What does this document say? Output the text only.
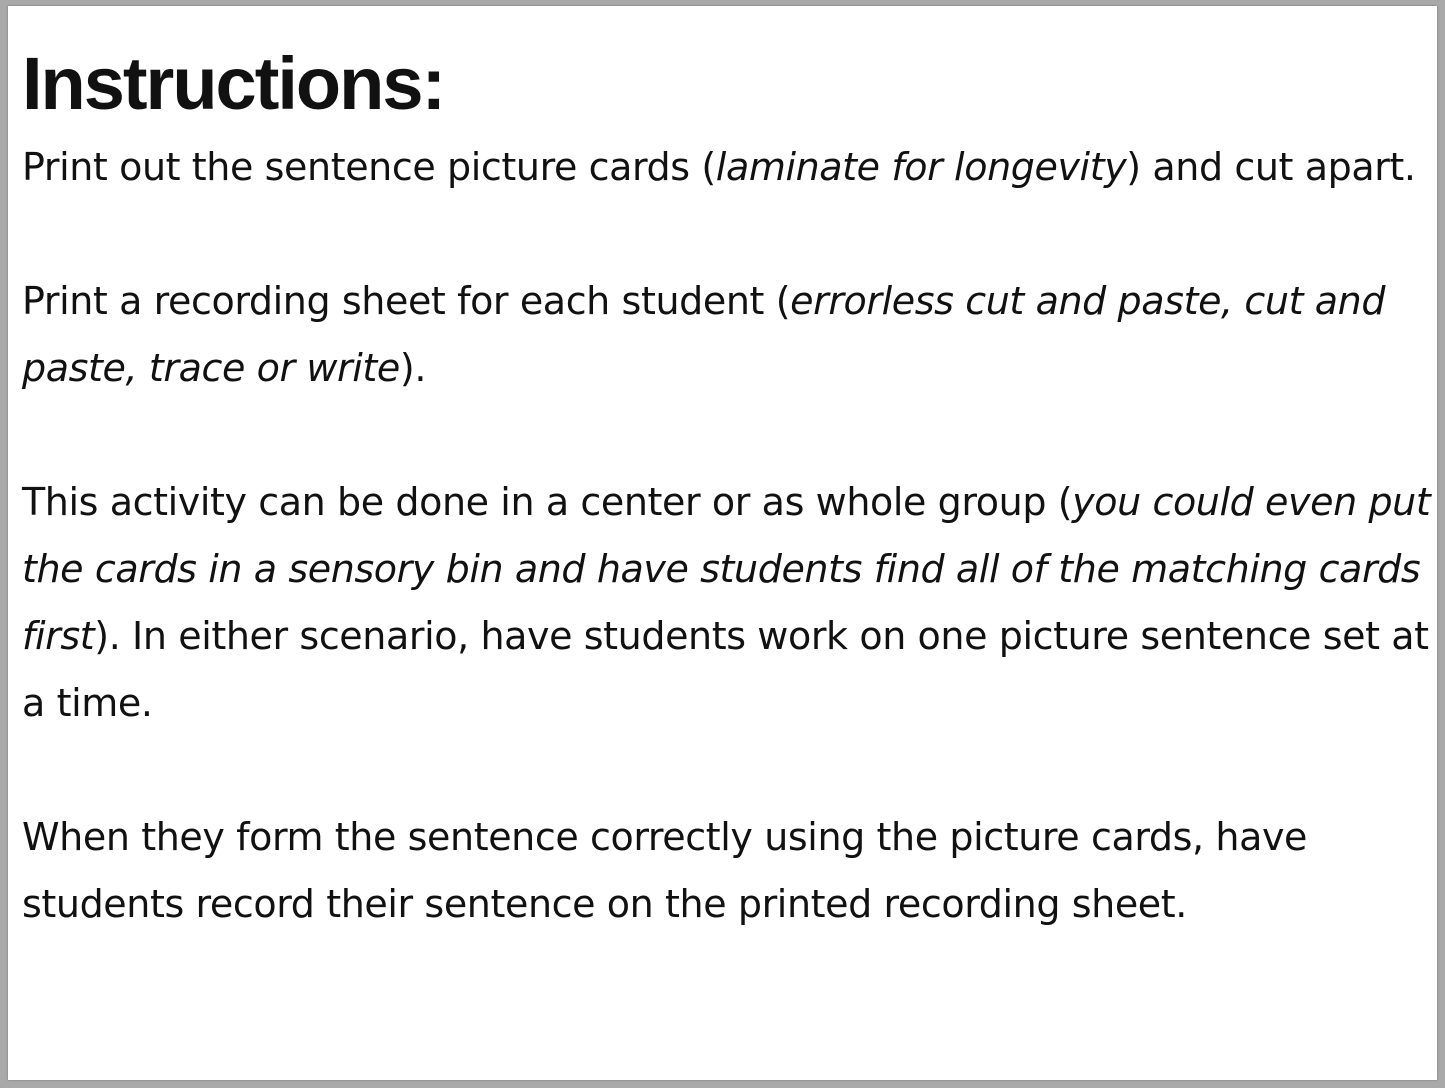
Instructions:

Print out the sentence picture cards (laminate for longevity) and cut apart.

Print a recording sheet for each student (errorless cut and paste, cut and paste, trace or write).

This activity can be done in a center or as whole group (you could even put the cards in a sensory bin and have students find all of the matching cards first). In either scenario, have students work on one picture sentence set at a time.

When they form the sentence correctly using the picture cards, have students record their sentence on the printed recording sheet.
